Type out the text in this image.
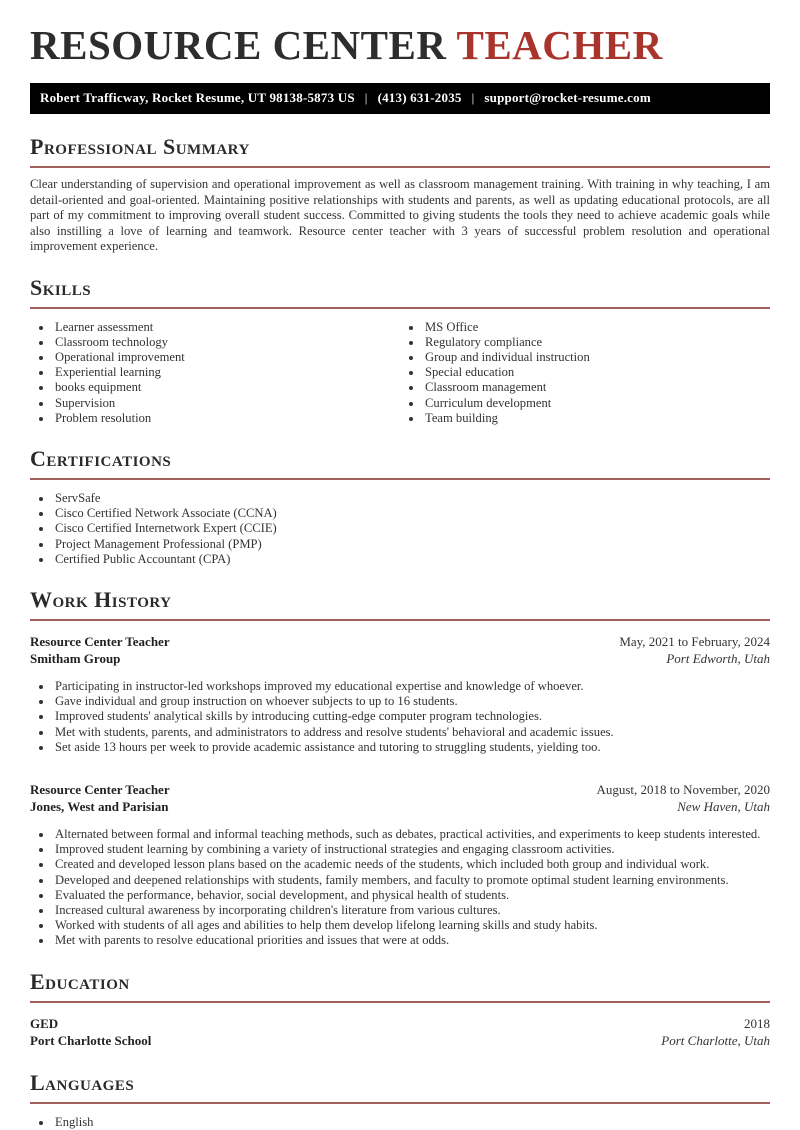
RESOURCE CENTER TEACHER
Robert Trafficway, Rocket Resume, UT 98138-5873 US | (413) 631-2035 | support@rocket-resume.com
Professional Summary

Clear understanding of supervision and operational improvement as well as classroom management training. With training in why teaching, I am detail-oriented and goal-oriented. Maintaining positive relationships with students and parents, as well as updating educational protocols, are all part of my commitment to improving overall student success. Committed to giving students the tools they need to achieve academic goals while also instilling a love of learning and teamwork. Resource center teacher with 3 years of successful problem resolution and operational improvement experience.

Skills
• Learner assessment
• Classroom technology
• Operational improvement
• Experiential learning
• books equipment
• Supervision
• Problem resolution
• MS Office
• Regulatory compliance
• Group and individual instruction
• Special education
• Classroom management
• Curriculum development
• Team building
Certifications
• ServSafe
• Cisco Certified Network Associate (CCNA)
• Cisco Certified Internetwork Expert (CCIE)
• Project Management Professional (PMP)
• Certified Public Accountant (CPA)
Work History
Resource Center Teacher	May, 2021 to February, 2024
Smitham Group	Port Edworth, Utah
• Participating in instructor-led workshops improved my educational expertise and knowledge of whoever.
• Gave individual and group instruction on whoever subjects to up to 16 students.
• Improved students' analytical skills by introducing cutting-edge computer program technologies.
• Met with students, parents, and administrators to address and resolve students' behavioral and academic issues.
• Set aside 13 hours per week to provide academic assistance and tutoring to struggling students, yielding too.
Resource Center Teacher	August, 2018 to November, 2020
Jones, West and Parisian	New Haven, Utah
• Alternated between formal and informal teaching methods, such as debates, practical activities, and experiments to keep students interested.
• Improved student learning by combining a variety of instructional strategies and engaging classroom activities.
• Created and developed lesson plans based on the academic needs of the students, which included both group and individual work.
• Developed and deepened relationships with students, family members, and faculty to promote optimal student learning environments.
• Evaluated the performance, behavior, social development, and physical health of students.
• Increased cultural awareness by incorporating children's literature from various cultures.
• Worked with students of all ages and abilities to help them develop lifelong learning skills and study habits.
• Met with parents to resolve educational priorities and issues that were at odds.
Education
GED	2018
Port Charlotte School	Port Charlotte, Utah
Languages
• English
